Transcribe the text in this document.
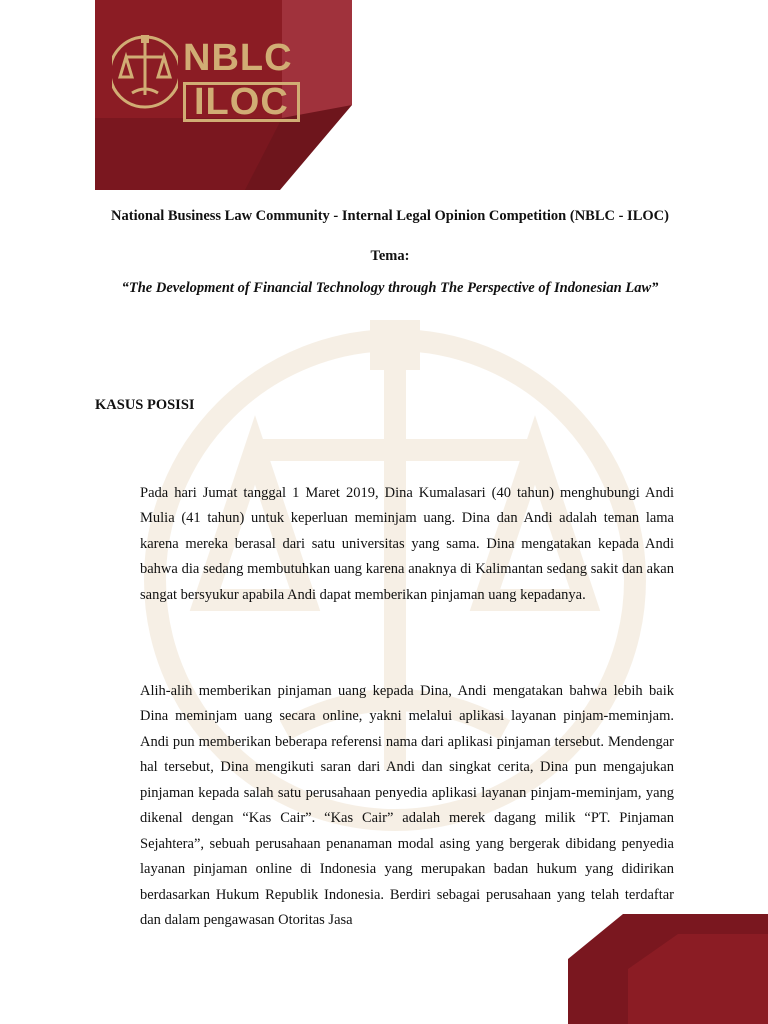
NBLC
ILOC
National Business Law Community - Internal Legal Opinion Competition (NBLC - ILOC)
Tema:
“The Development of Financial Technology through The Perspective of Indonesian Law”
KASUS POSISI

Pada hari Jumat tanggal 1 Maret 2019, Dina Kumalasari (40 tahun) menghubungi Andi Mulia (41 tahun) untuk keperluan meminjam uang. Dina dan Andi adalah teman lama karena mereka berasal dari satu universitas yang sama. Dina mengatakan kepada Andi bahwa dia sedang membutuhkan uang karena anaknya di Kalimantan sedang sakit dan akan sangat bersyukur apabila Andi dapat memberikan pinjaman uang kepadanya.

Alih-alih memberikan pinjaman uang kepada Dina, Andi mengatakan bahwa lebih baik Dina meminjam uang secara online, yakni melalui aplikasi layanan pinjam-meminjam. Andi pun memberikan beberapa referensi nama dari aplikasi pinjaman tersebut. Mendengar hal tersebut, Dina mengikuti saran dari Andi dan singkat cerita, Dina pun mengajukan pinjaman kepada salah satu perusahaan penyedia aplikasi layanan pinjam-meminjam, yang dikenal dengan “Kas Cair”. “Kas Cair” adalah merek dagang milik “PT. Pinjaman Sejahtera”, sebuah perusahaan penanaman modal asing yang bergerak dibidang penyedia layanan pinjaman online di Indonesia yang merupakan badan hukum yang didirikan berdasarkan Hukum Republik Indonesia. Berdiri sebagai perusahaan yang telah terdaftar dan dalam pengawasan Otoritas Jasa
